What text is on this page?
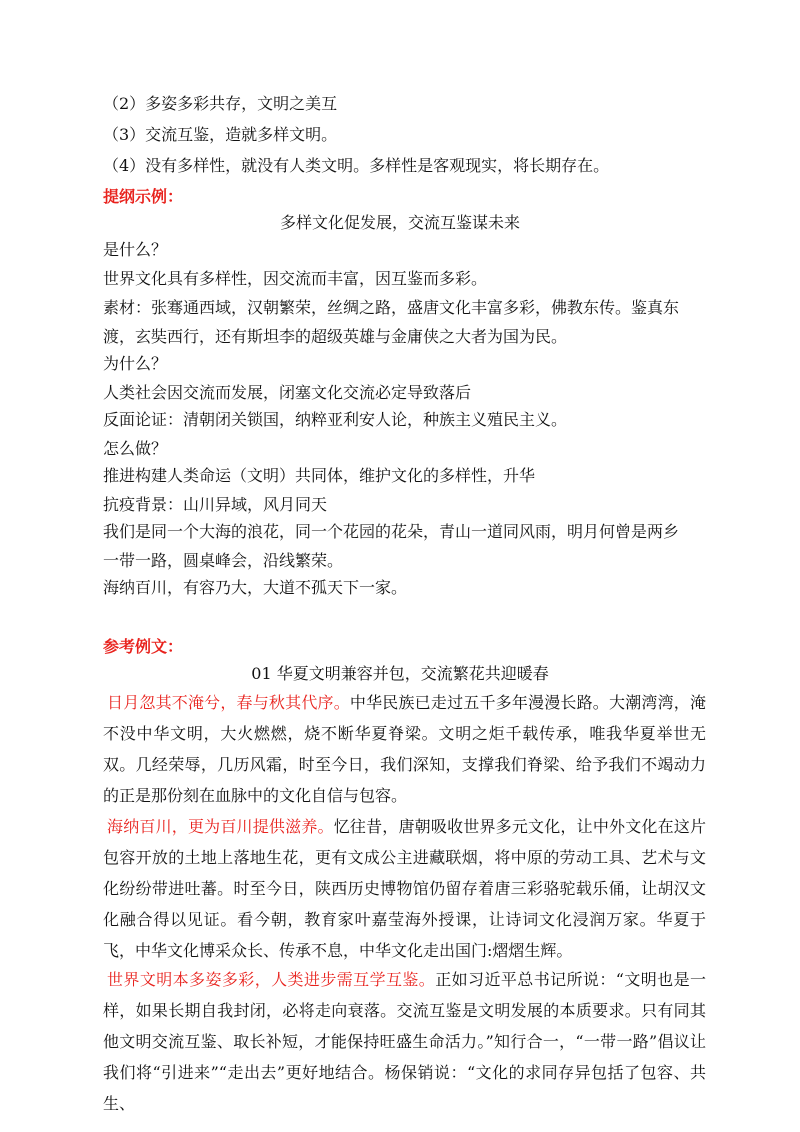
（2）多姿多彩共存，文明之美互
（3）交流互鉴，造就多样文明。
（4）没有多样性，就没有人类文明。多样性是客观现实，将长期存在。
提纲示例：
多样文化促发展，交流互鉴谋未来
是什么？
世界文化具有多样性，因交流而丰富，因互鉴而多彩。
素材：张骞通西域，汉朝繁荣，丝绸之路，盛唐文化丰富多彩，佛教东传。鉴真东
渡，玄奘西行，还有斯坦李的超级英雄与金庸侠之大者为国为民。
为什么？
人类社会因交流而发展，闭塞文化交流必定导致落后
反面论证：清朝闭关锁国，纳粹亚利安人论，种族主义殖民主义。
怎么做？
推进构建人类命运（文明）共同体，维护文化的多样性，升华
抗疫背景：山川异域，风月同天
我们是同一个大海的浪花，同一个花园的花朵，青山一道同风雨，明月何曾是两乡
一带一路，圆桌峰会，沿线繁荣。
海纳百川，有容乃大，大道不孤天下一家。
参考例文：
01 华夏文明兼容并包，交流繁花共迎暖春
日月忽其不淹兮，春与秋其代序。中华民族已走过五千多年漫漫长路。大潮湾湾，淹不没中华文明，大火燃燃，烧不断华夏脊梁。文明之炬千载传承，唯我华夏举世无双。几经荣辱，几历风霜，时至今日，我们深知，支撑我们脊梁、给予我们不竭动力的正是那份刻在血脉中的文化自信与包容。
海纳百川，更为百川提供滋养。忆往昔，唐朝吸收世界多元文化，让中外文化在这片包容开放的土地上落地生花，更有文成公主进藏联烟，将中原的劳动工具、艺术与文化纷纷带进吐蕃。时至今日，陕西历史博物馆仍留存着唐三彩骆驼载乐俑，让胡汉文化融合得以见证。看今朝，教育家叶嘉莹海外授课，让诗词文化浸润万家。华夏于飞，中华文化博采众长、传承不息，中华文化走出国门:熠熠生辉。
世界文明本多姿多彩，人类进步需互学互鉴。正如习近平总书记所说：“文明也是一样，如果长期自我封闭，必将走向衰落。交流互鉴是文明发展的本质要求。只有同其他文明交流互鉴、取长补短，才能保持旺盛生命活力。”知行合一，“一带一路”倡议让我们将“引进来”“走出去”更好地结合。杨保销说：“文化的求同存异包括了包容、共生、
